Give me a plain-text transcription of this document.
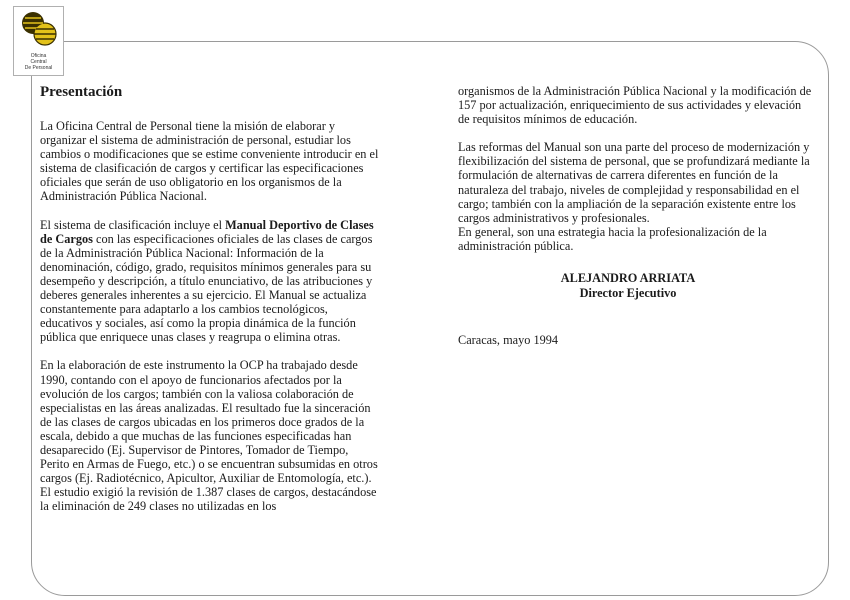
Oficina
Central
De Personal
Presentación

La Oficina Central de Personal tiene la misión de elaborar y organizar el sistema de administración de personal, estudiar los cambios o modificaciones que se estime conveniente introducir en el sistema de clasificación de cargos y certificar las especificaciones oficiales que serán de uso obligatorio en los organismos de la Administración Pública Nacional.

El sistema de clasificación incluye el Manual Deportivo de Clases de Cargos con las especificaciones oficiales de las clases de cargos de la Administración Pública Nacional: Información de la denominación, código, grado, requisitos mínimos generales para su desempeño y descripción, a título enunciativo, de las atribuciones y deberes generales inherentes a su ejercicio. El Manual se actualiza constantemente para adaptarlo a los cambios tecnológicos, educativos y sociales, así como la propia dinámica de la función pública que enriquece unas clases y reagrupa o elimina otras.

En la elaboración de este instrumento la OCP ha trabajado desde 1990, contando con el apoyo de funcionarios afectados por la evolución de los cargos; también con la valiosa colaboración de especialistas en las áreas analizadas. El resultado fue la sinceración de las clases de cargos ubicadas en los primeros doce grados de la escala, debido a que muchas de las funciones especificadas han desaparecido (Ej. Supervisor de Pintores, Tomador de Tiempo, Perito en Armas de Fuego, etc.) o se encuentran subsumidas en otros cargos (Ej. Radiotécnico, Apicultor, Auxiliar de Entomología, etc.).

El estudio exigió la revisión de 1.387 clases de cargos, destacándose la eliminación de 249 clases no utilizadas en los

organismos de la Administración Pública Nacional y la modificación de 157 por actualización, enriquecimiento de sus actividades y elevación de requisitos mínimos de educación.

Las reformas del Manual son una parte del proceso de modernización y flexibilización del sistema de personal, que se profundizará mediante la formulación de alternativas de carrera diferentes en función de la naturaleza del trabajo, niveles de complejidad y responsabilidad en el cargo; también con la ampliación de la separación existente entre los cargos administrativos y profesionales.

En general, son una estrategia hacia la profesionalización de la administración pública.

ALEJANDRO ARRIATA
Director Ejecutivo

Caracas, mayo 1994
